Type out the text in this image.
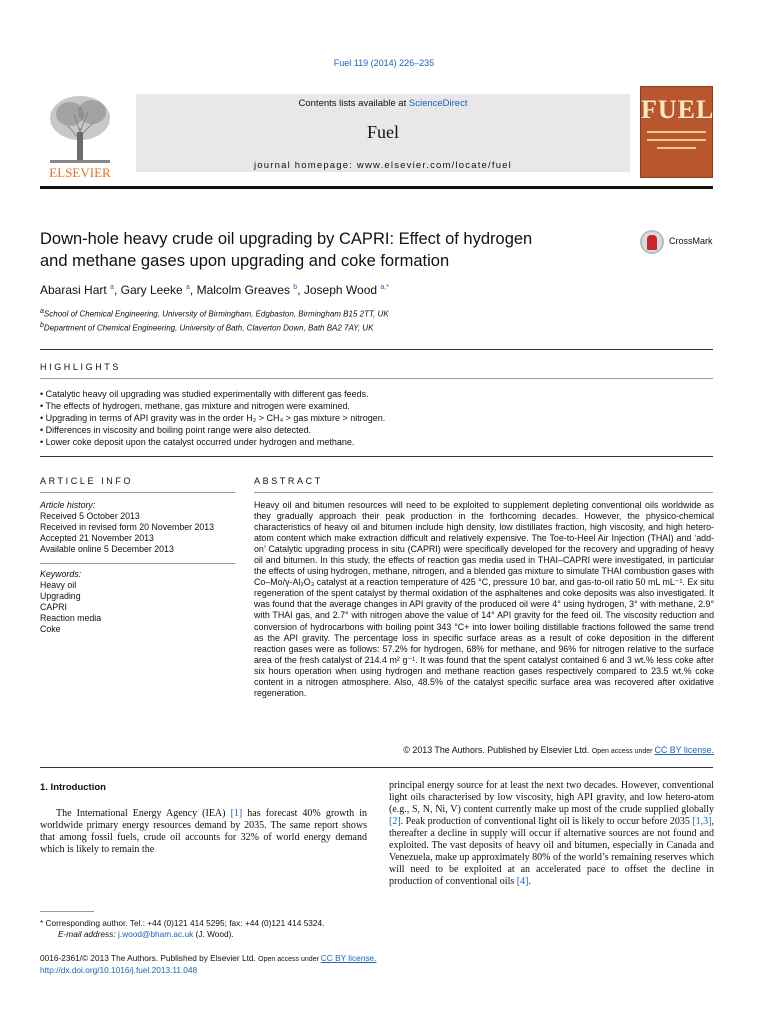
Fuel 119 (2014) 226–235
ELSEVIER
Contents lists available at ScienceDirect
Fuel
journal homepage: www.elsevier.com/locate/fuel
FUEL
Down-hole heavy crude oil upgrading by CAPRI: Effect of hydrogen
and methane gases upon upgrading and coke formation
CrossMark
Abarasi Hart $^a$, Gary Leeke $^a$, Malcolm Greaves $^b$, Joseph Wood $^{a,*}$
$^a$School of Chemical Engineering, University of Birmingham, Edgbaston, Birmingham B15 2TT, UK
$^b$Department of Chemical Engineering, University of Bath, Claverton Down, Bath BA2 7AY, UK
HIGHLIGHTS
• Catalytic heavy oil upgrading was studied experimentally with different gas feeds.
• The effects of hydrogen, methane, gas mixture and nitrogen were examined.
• Upgrading in terms of API gravity was in the order H₂ > CH₄ > gas mixture > nitrogen.
• Differences in viscosity and boiling point range were also detected.
• Lower coke deposit upon the catalyst occurred under hydrogen and methane.
ARTICLE INFO	ABSTRACT
Article history:
Received 5 October 2013
Received in revised form 20 November 2013
Accepted 21 November 2013
Available online 5 December 2013
Keywords:
Heavy oil
Upgrading
CAPRI
Reaction media
Coke
Heavy oil and bitumen resources will need to be exploited to supplement depleting conventional oils worldwide as they gradually approach their peak production in the forthcoming decades. However, the physico-chemical characteristics of heavy oil and bitumen include high density, low distillates fraction, high viscosity, and high hetero-atom content which make extraction difficult and relatively expensive. The Toe-to-Heel Air Injection (THAI) and ‘add-on’ Catalytic upgrading process in situ (CAPRI) were specifically developed for the recovery and upgrading of heavy oil and bitumen. In this study, the effects of reaction gas media used in THAI–CAPRI were investigated, in particular the effects of using hydrogen, methane, nitrogen, and a blended gas mixture to simulate THAI combustion gases with Co–Mo/γ-Al₂O₃ catalyst at a reaction temperature of 425 °C, pressure 10 bar, and gas-to-oil ratio 50 mL mL⁻¹. Ex situ regeneration of the spent catalyst by thermal oxidation of the asphaltenes and coke deposits was also investigated. It was found that the average changes in API gravity of the produced oil were 4° using hydrogen, 3° with methane, 2.9° with THAI gas, and 2.7° with nitrogen above the value of 14° API gravity for the feed oil. The viscosity reduction and conversion of hydrocarbons with boiling point 343 °C+ into lower boiling distillable fractions followed the same trend as the API gravity. The percentage loss in specific surface areas as a result of coke deposition in the different reaction gases were as follows: 57.2% for hydrogen, 68% for methane, and 96% for nitrogen relative to the surface area of the fresh catalyst of 214.4 m² g⁻¹. It was found that the spent catalyst contained 6 and 3 wt.% less coke after six hours operation when using hydrogen and methane reaction gases respectively compared to 23.5 wt.% coke content in a nitrogen atmosphere. Also, 48.5% of the catalyst specific surface area was recovered after oxidative regeneration.
© 2013 The Authors. Published by Elsevier Ltd. Open access under CC BY license.
1. Introduction
The International Energy Agency (IEA) [1] has forecast 40% growth in worldwide primary energy resources demand by 2035. The same report shows that among fossil fuels, crude oil accounts for 32% of world energy demand which is likely to remain the
principal energy source for at least the next two decades. However, conventional light oils characterised by low viscosity, high API gravity, and low hetero-atom (e.g., S, N, Ni, V) content currently make up most of the crude supplied globally [2]. Peak production of conventional light oil is likely to occur before 2035 [1,3], thereafter a decline in supply will occur if alternative sources are not found and exploited. The vast deposits of heavy oil and bitumen, especially in Canada and Venezuela, make up approximately 80% of the world’s remaining reserves which will need to be exploited at an accelerated pace to offset the decline in production of conventional oils [4].
* Corresponding author. Tel.: +44 (0)121 414 5295; fax: +44 (0)121 414 5324.
E-mail address: j.wood@bham.ac.uk (J. Wood).
0016-2361/© 2013 The Authors. Published by Elsevier Ltd. Open access under CC BY license.
http://dx.doi.org/10.1016/j.fuel.2013.11.048
